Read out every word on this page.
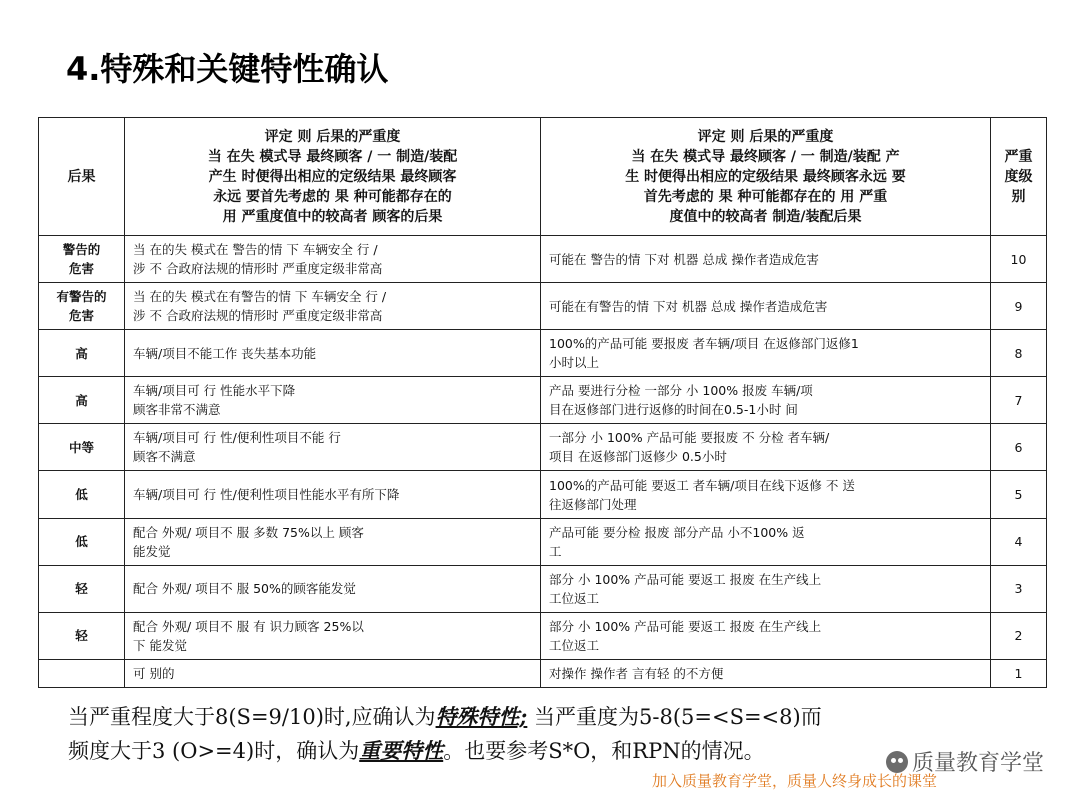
4.特殊和关键特性确认
后果	评定 则 后果的严重度
当 在失 模式导 最终顾客 / 一 制造/装配
产生 时便得出相应的定级结果 最终顾客
永远 要首先考虑的 果 种可能都存在的
用 严重度值中的较高者 顾客的后果	评定 则 后果的严重度
当 在失 模式导 最终顾客 / 一 制造/装配 产
生 时便得出相应的定级结果 最终顾客永远 要
首先考虑的 果 种可能都存在的 用 严重
度值中的较高者 制造/装配后果	严重
度级
别
警告的
危害	当 在的失 模式在 警告的情 下 车辆安全 行 /
涉 不 合政府法规的情形时 严重度定级非常高	可能在 警告的情 下对 机器 总成 操作者造成危害	10
有警告的
危害	当 在的失 模式在有警告的情 下 车辆安全 行 /
涉 不 合政府法规的情形时 严重度定级非常高	可能在有警告的情 下对 机器 总成 操作者造成危害	9
高	车辆/项目不能工作 丧失基本功能	100%的产品可能 要报废 者车辆/项目 在返修部门返修1
小时以上	8
高	车辆/项目可 行 性能水平下降
顾客非常不满意	产品 要进行分检 一部分 小 100% 报废 车辆/项
目在返修部门进行返修的时间在0.5-1小时 间	7
中等	车辆/项目可 行 性/便利性项目不能 行
顾客不满意	一部分 小 100% 产品可能 要报废 不 分检 者车辆/
项目 在返修部门返修少 0.5小时	6
低	车辆/项目可 行 性/便利性项目性能水平有所下降	100%的产品可能 要返工 者车辆/项目在线下返修 不 送
往返修部门处理	5
低	配合 外观/ 项目不 服 多数 75%以上 顾客
能发觉	产品可能 要分检 报废 部分产品 小不100% 返
工	4
轻	配合 外观/ 项目不 服 50%的顾客能发觉	部分 小 100% 产品可能 要返工 报废 在生产线上
工位返工	3
轻	配合 外观/ 项目不 服 有 识力顾客 25%以
下 能发觉	部分 小 100% 产品可能 要返工 报废 在生产线上
工位返工	2
	可 别的	对操作 操作者 言有轻 的不方便	1
当严重程度大于8(S=9/10)时,应确认为特殊特性; 当严重度为5-8(5=<S=<8)而
频度大于3 (O>=4)时，确认为重要特性。也要参考S*O，和RPN的情况。	质量教育学堂
加入质量教育学堂，质量人终身成长的课堂
